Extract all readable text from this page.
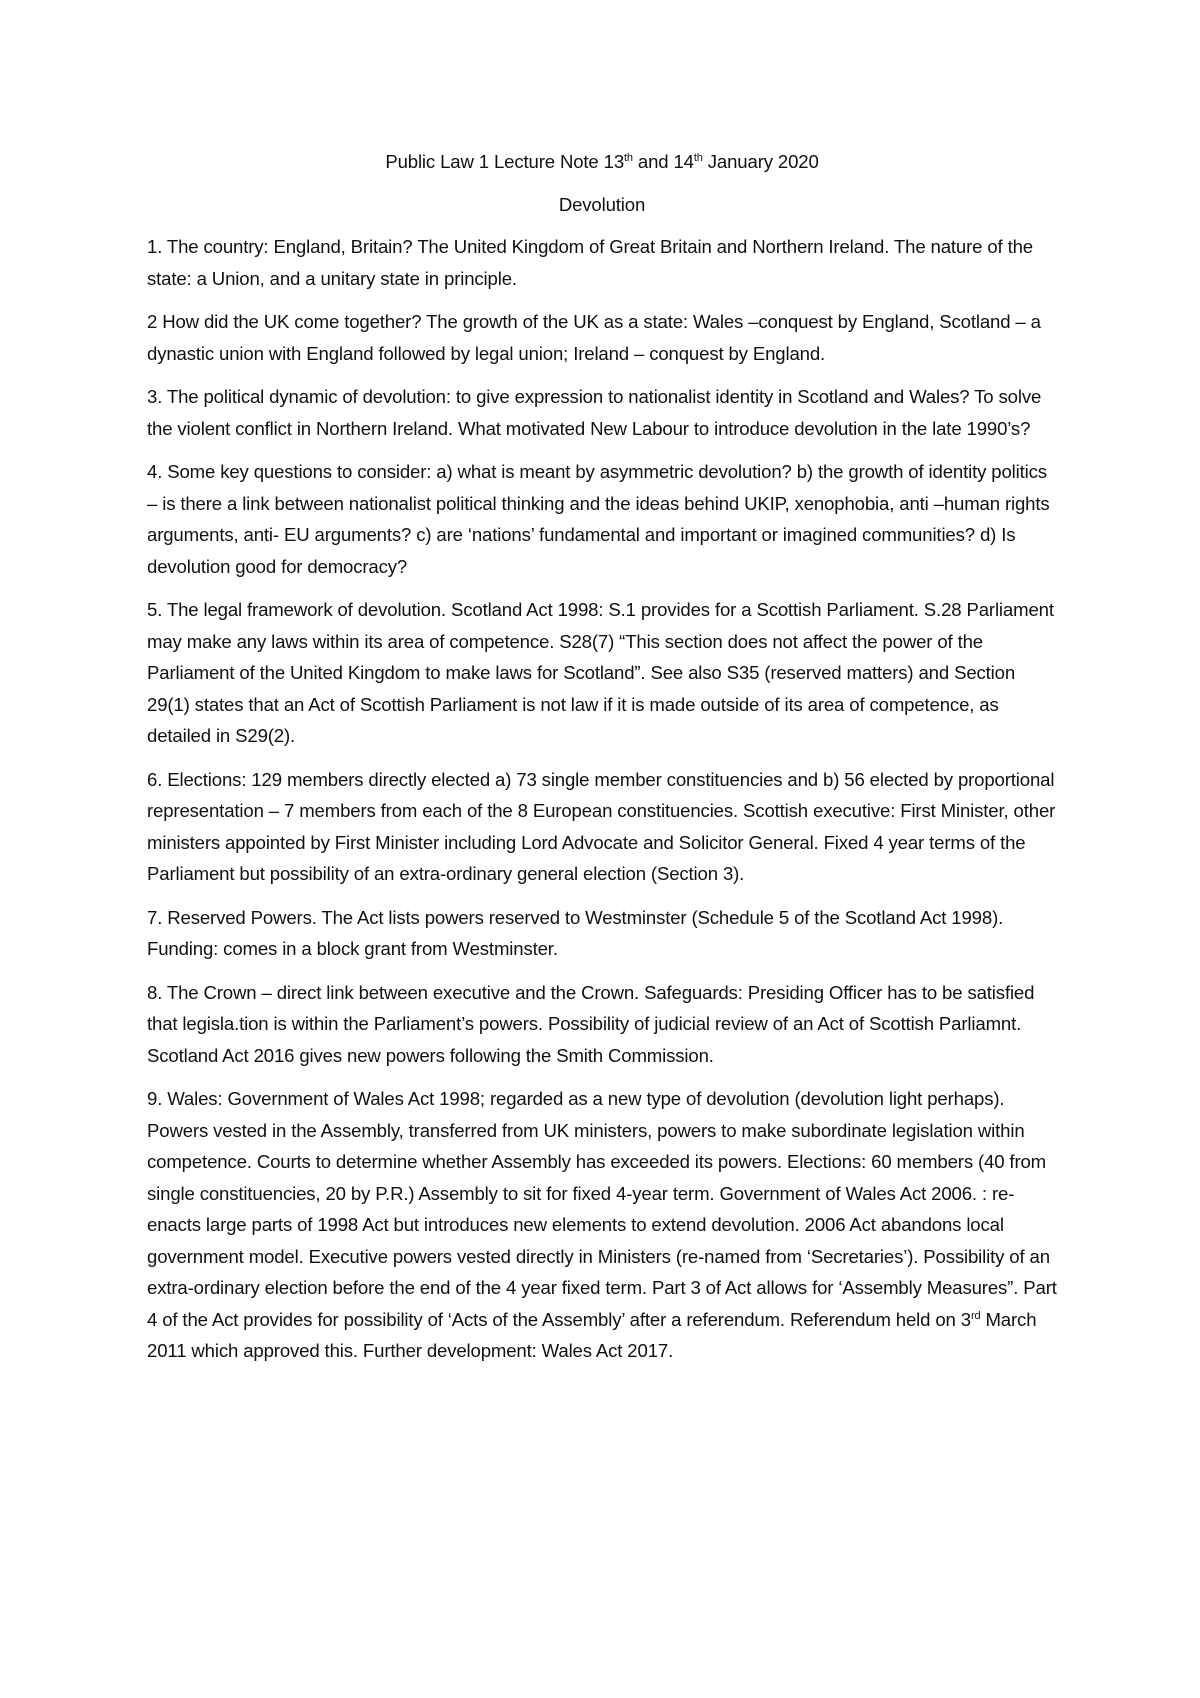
Public Law 1 Lecture Note 13th and 14th January 2020

Devolution

1. The country: England, Britain? The United Kingdom of Great Britain and Northern Ireland. The nature of the state: a Union, and a unitary state in principle.

2 How did the UK come together? The growth of the UK as a state: Wales –conquest by England, Scotland – a dynastic union with England followed by legal union; Ireland – conquest by England.

3. The political dynamic of devolution: to give expression to nationalist identity in Scotland and Wales? To solve the violent conflict in Northern Ireland. What motivated New Labour to introduce devolution in the late 1990’s?

4. Some key questions to consider: a) what is meant by asymmetric devolution? b) the growth of identity politics – is there a link between nationalist political thinking and the ideas behind UKIP, xenophobia, anti –human rights arguments, anti- EU arguments? c) are ‘nations’ fundamental and important or imagined communities? d) Is devolution good for democracy?

5. The legal framework of devolution. Scotland Act 1998: S.1 provides for a Scottish Parliament. S.28 Parliament may make any laws within its area of competence. S28(7) “This section does not affect the power of the Parliament of the United Kingdom to make laws for Scotland”. See also S35 (reserved matters) and Section 29(1) states that an Act of Scottish Parliament is not law if it is made outside of its area of competence, as detailed in S29(2).

6. Elections: 129 members directly elected a) 73 single member constituencies and b) 56 elected by proportional representation – 7 members from each of the 8 European constituencies. Scottish executive: First Minister, other ministers appointed by First Minister including Lord Advocate and Solicitor General. Fixed 4 year terms of the Parliament but possibility of an extra-ordinary general election (Section 3).

7. Reserved Powers. The Act lists powers reserved to Westminster (Schedule 5 of the Scotland Act 1998). Funding: comes in a block grant from Westminster.

8. The Crown – direct link between executive and the Crown. Safeguards: Presiding Officer has to be satisfied that legisla.tion is within the Parliament’s powers. Possibility of judicial review of an Act of Scottish Parliamnt. Scotland Act 2016 gives new powers following the Smith Commission.

9. Wales: Government of Wales Act 1998; regarded as a new type of devolution (devolution light perhaps). Powers vested in the Assembly, transferred from UK ministers, powers to make subordinate legislation within competence. Courts to determine whether Assembly has exceeded its powers. Elections: 60 members (40 from single constituencies, 20 by P.R.) Assembly to sit for fixed 4-year term. Government of Wales Act 2006. : re-enacts large parts of 1998 Act but introduces new elements to extend devolution. 2006 Act abandons local government model. Executive powers vested directly in Ministers (re-named from ‘Secretaries’). Possibility of an extra-ordinary election before the end of the 4 year fixed term. Part 3 of Act allows for ‘Assembly Measures”. Part 4 of the Act provides for possibility of ‘Acts of the Assembly’ after a referendum. Referendum held on 3rd March 2011 which approved this. Further development: Wales Act 2017.
